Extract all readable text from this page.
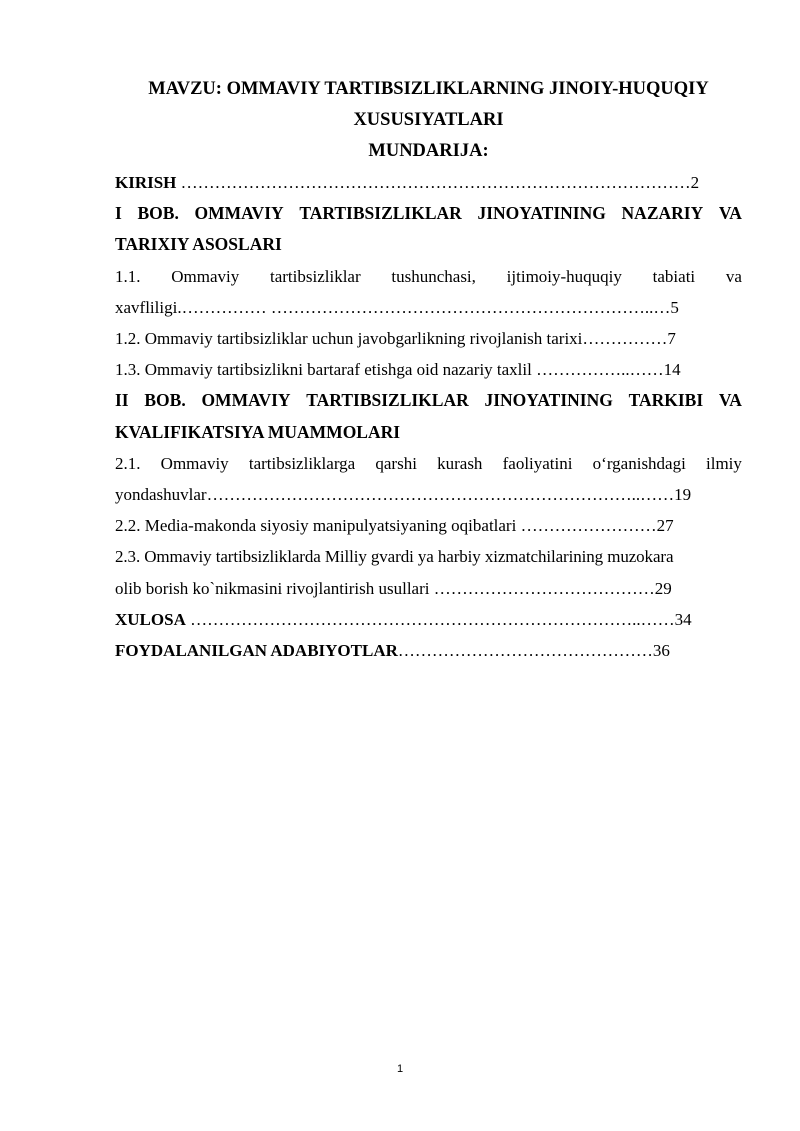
MAVZU: OMMAVIY TARTIBSIZLIKLARNING JINOIY-HUQUQIY

XUSUSIYATLARI

MUNDARIJA:

KIRISH ………………………………………………………………………………2

I BOB. OMMAVIY TARTIBSIZLIKLAR JINOYATINING NAZARIY VA

TARIXIY ASOSLARI

1.1. Ommaviy tartibsizliklar tushunchasi, ijtimoiy-huquqiy tabiati va

xavfliligi.…………… …………………………………………………………..…5

1.2. Ommaviy tartibsizliklar uchun javobgarlikning rivojlanish tarixi……………7

1.3. Ommaviy tartibsizlikni bartaraf etishga oid nazariy taxlil ……………..……14

II BOB. OMMAVIY TARTIBSIZLIKLAR JINOYATINING TARKIBI VA

KVALIFIKATSIYA MUAMMOLARI

2.1. Ommaviy tartibsizliklarga qarshi kurash faoliyatini o‘rganishdagi ilmiy

yondashuvlar…………………………………………………………………..……19

2.2. Media-makonda siyosiy manipulyatsiyaning oqibatlari ……………………27

2.3. Ommaviy tartibsizliklarda Milliy gvardi ya harbiy xizmatchilarining muzokara

olib borish ko`nikmasini rivojlantirish usullari …………………………………29

XULOSA ……………………………………………………………………..……34

FOYDALANILGAN ADABIYOTLAR………………………………………36

1
